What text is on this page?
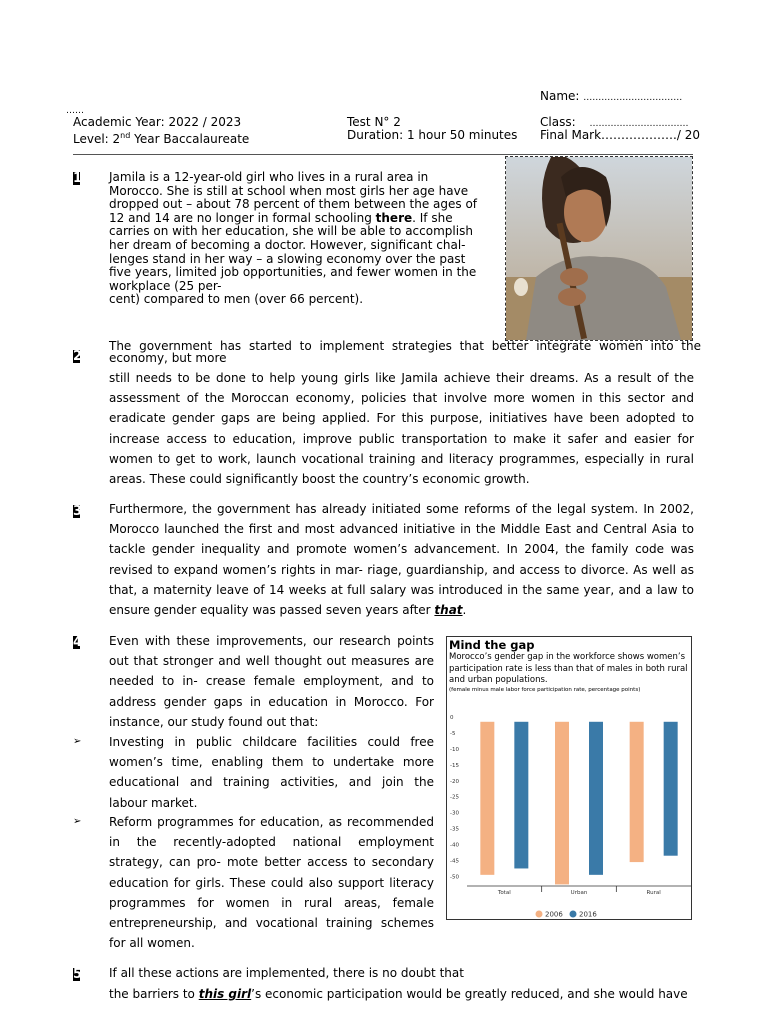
Name: ……………………………
……
Academic Year: 2022 / 2023
Level: 2nd Year Baccalaureate
Test N° 2
Duration: 1 hour 50 minutes
Class: ……………………………
Final Mark………………./ 20
1 Jamila is a 12-year-old girl who lives in a rural area in
Morocco. She is still at school when most girls her age have
dropped out – about 78 percent of them between the ages of
12 and 14 are no longer in formal schooling there. If she
carries on with her education, she will be able to accomplish
her dream of becoming a doctor. However, significant chal-
lenges stand in her way – a slowing economy over the past
five years, limited job opportunities, and fewer women in the
workplace (25 per-
cent) compared to men (over 66 percent).
2
The government has started to implement strategies that better integrate women into the
economy, but more
still needs to be done to help young girls like Jamila achieve their dreams. As a result of the assessment of the Moroccan economy, policies that involve more women in this sector and eradicate gender gaps are being applied. For this purpose, initiatives have been adopted to increase access to education, improve public transportation to make it safer and easier for women to get to work, launch vocational training and literacy programmes, especially in rural areas. These could significantly boost the country’s economic growth.
3 Furthermore, the government has already initiated some reforms of the legal system. In 2002, Morocco launched the first and most advanced initiative in the Middle East and Central Asia to tackle gender inequality and promote women’s advancement. In 2004, the family code was revised to expand women’s rights in mar- riage, guardianship, and access to divorce. As well as that, a maternity leave of 14 weeks at full salary was introduced in the same year, and a law to ensure gender equality was passed seven years after that.
4 Even with these improvements, our research points out that stronger and well thought out measures are needed to in- crease female employment, and to address gender gaps in education in Morocco. For instance, our study found out that:
➢ Investing in public childcare facilities could free women’s time, enabling them to undertake more educational and training activities, and join the labour market.
➢ Reform programmes for education, as recommended in the recently-adopted national employment strategy, can pro- mote better access to secondary education for girls. These could also support literacy programmes for women in rural areas, female entrepreneurship, and vocational training schemes for all women.
Mind the gap
Morocco’s gender gap in the workforce shows women’s participation rate is less than that of males in both rural and urban populations.
(female minus male labor force participation rate, percentage points)
0
-5
-10
-15
-20
-25
-30
-35
-40
-45
-50
Total	Urban	Rural
2006 2016
5 If all these actions are implemented, there is no doubt that
the barriers to this girl’s economic participation would be greatly reduced, and she would have
